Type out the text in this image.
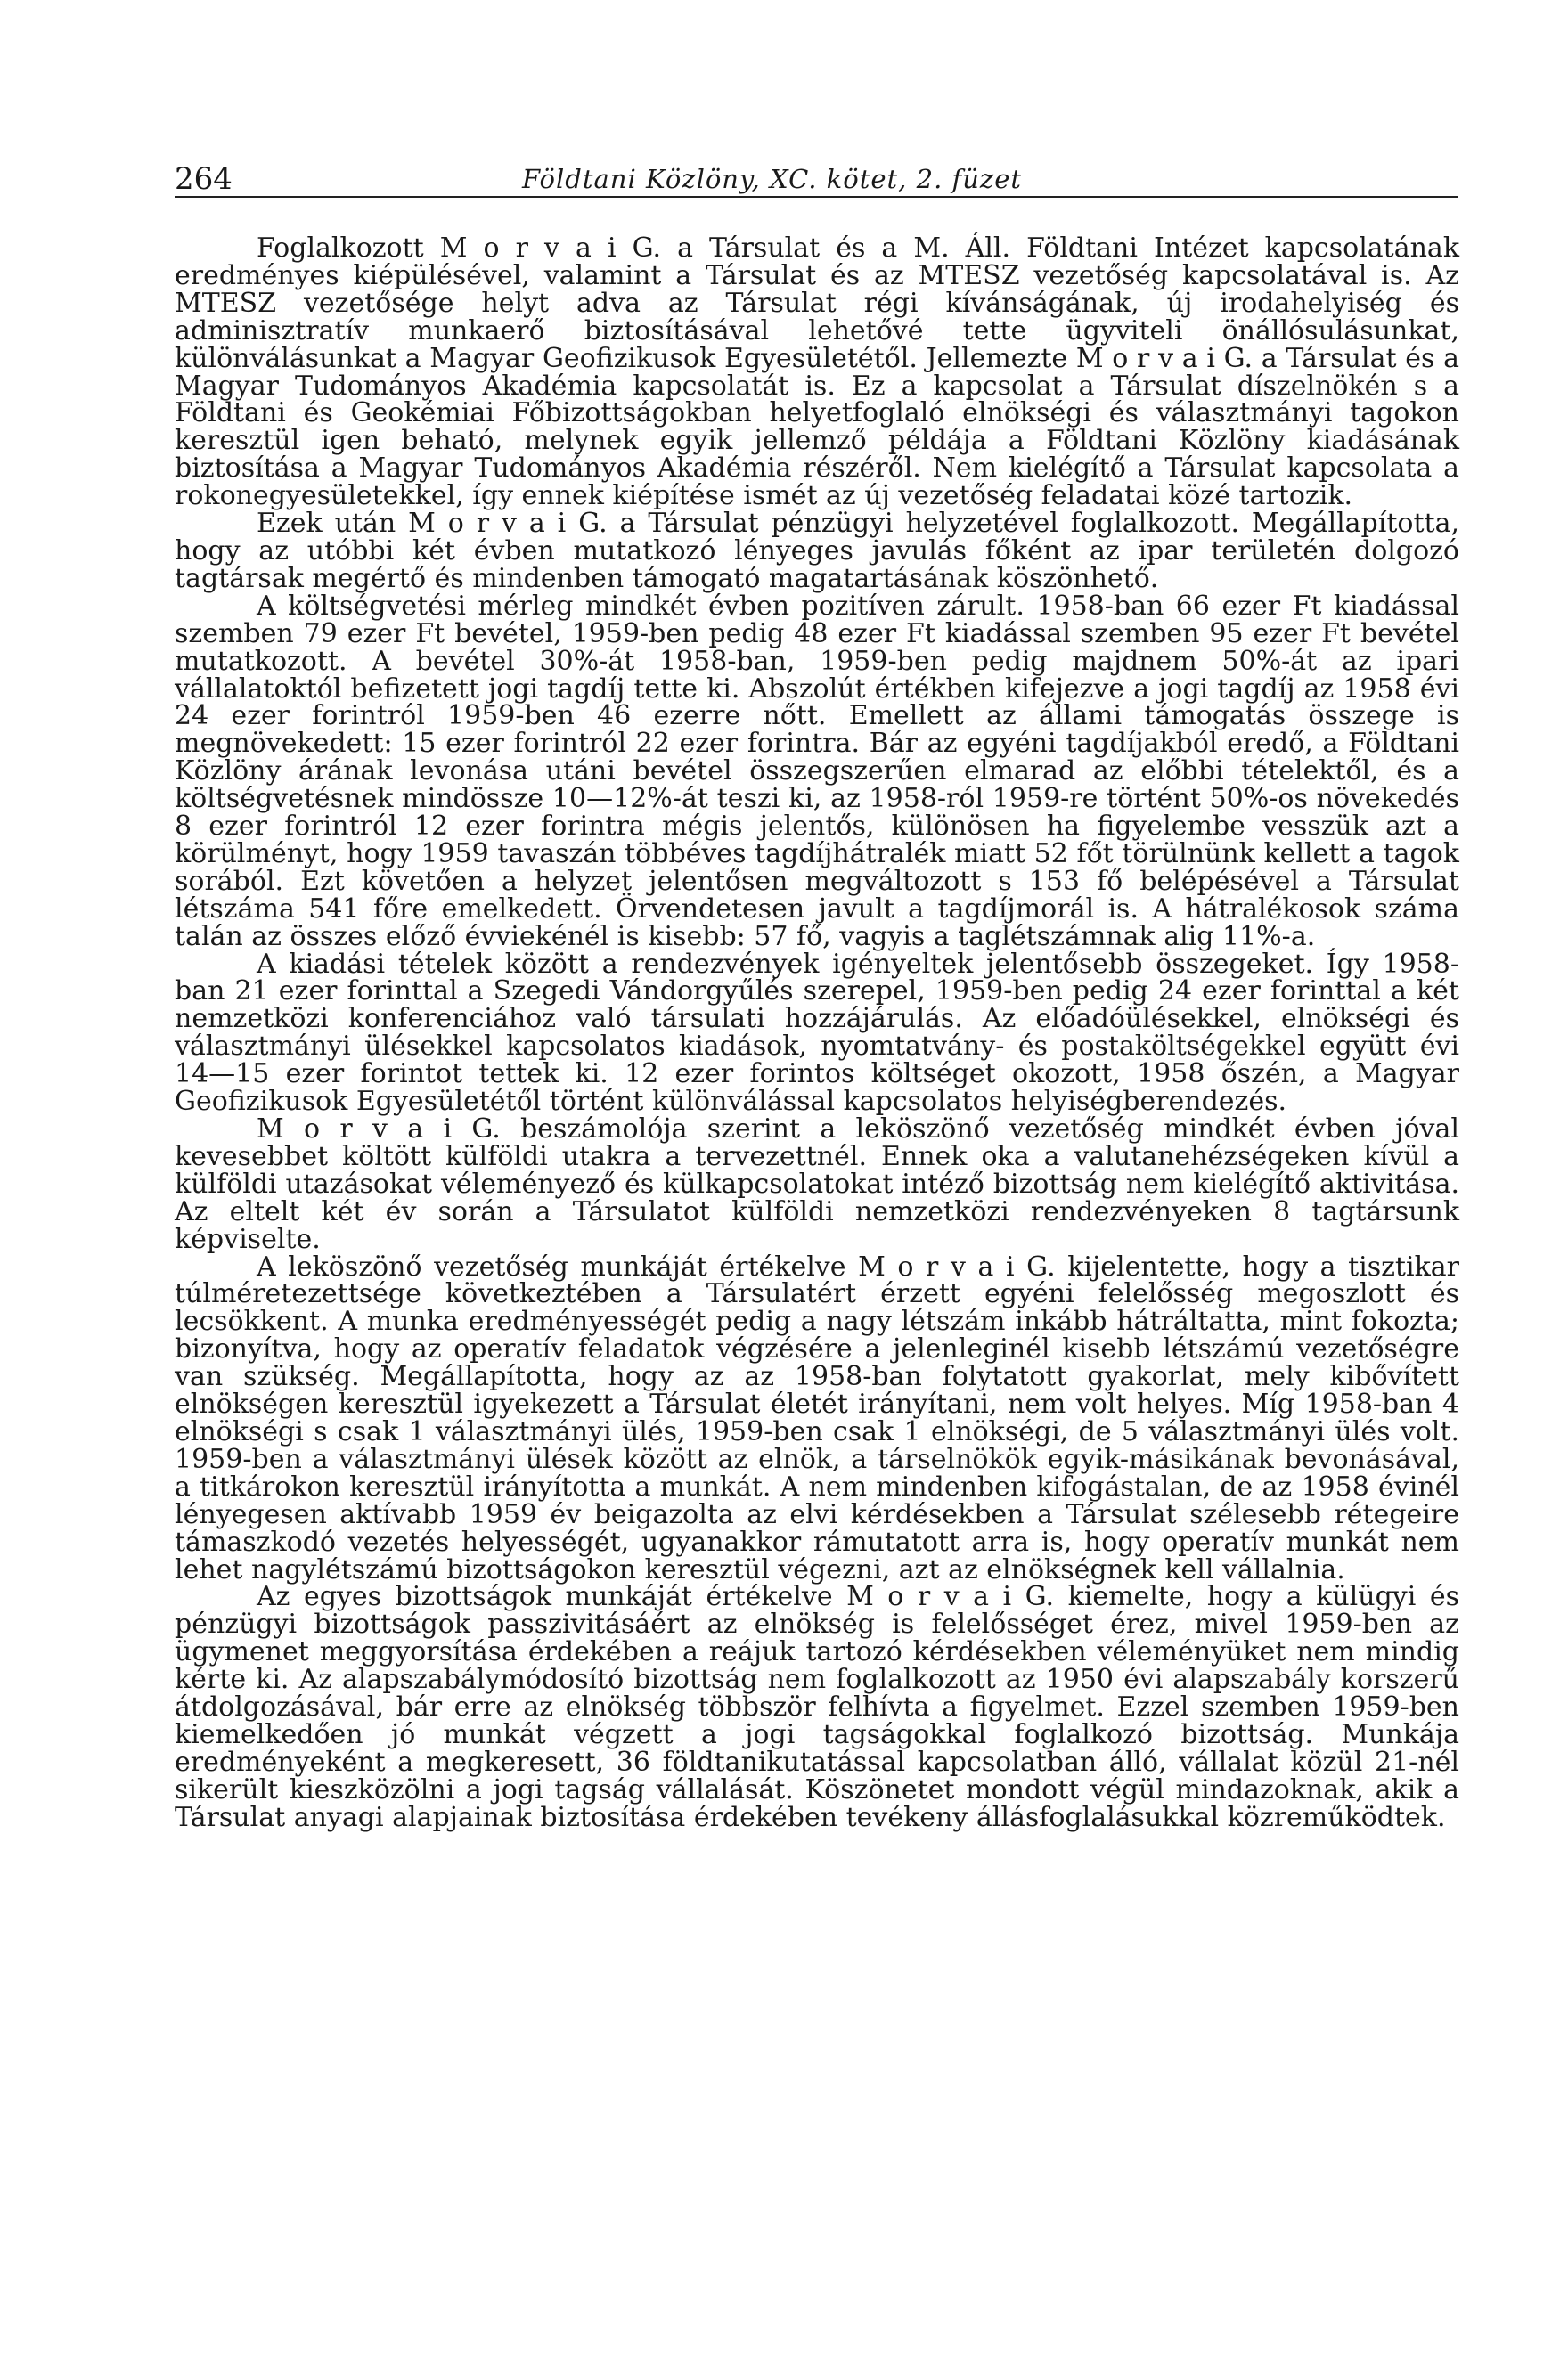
264	Földtani Közlöny, XC. kötet, 2. füzet

Foglalkozott M o r v a i G. a Társulat és a M. Áll. Földtani Intézet kapcsolatának eredményes kiépülésével, valamint a Társulat és az MTESZ vezetőség kapcsolatával is. Az MTESZ vezetősége helyt adva az Társulat régi kívánságának, új irodahelyiség és adminisztratív munkaerő biztosításával lehetővé tette ügyviteli önállósulásunkat, különválásunkat a Magyar Geofizikusok Egyesületétől. Jellemezte M o r v a i G. a Társulat és a Magyar Tudományos Akadémia kapcsolatát is. Ez a kapcsolat a Társulat díszelnökén s a Földtani és Geokémiai Főbizottságokban helyetfoglaló elnökségi és választmányi tagokon keresztül igen beható, melynek egyik jellemző példája a Földtani Közlöny kiadásának biztosítása a Magyar Tudományos Akadémia részéről. Nem kielégítő a Társulat kapcsolata a rokonegyesületekkel, így ennek kiépítése ismét az új vezetőség feladatai közé tartozik.

Ezek után M o r v a i G. a Társulat pénzügyi helyzetével foglalkozott. Megállapította, hogy az utóbbi két évben mutatkozó lényeges javulás főként az ipar területén dolgozó tagtársak megértő és mindenben támogató magatartásának köszönhető.

A költségvetési mérleg mindkét évben pozitíven zárult. 1958-ban 66 ezer Ft kiadással szemben 79 ezer Ft bevétel, 1959-ben pedig 48 ezer Ft kiadással szemben 95 ezer Ft bevétel mutatkozott. A bevétel 30%-át 1958-ban, 1959-ben pedig majdnem 50%-át az ipari vállalatoktól befizetett jogi tagdíj tette ki. Abszolút értékben kifejezve a jogi tagdíj az 1958 évi 24 ezer forintról 1959-ben 46 ezerre nőtt. Emellett az állami támogatás összege is megnövekedett: 15 ezer forintról 22 ezer forintra. Bár az egyéni tagdíjakból eredő, a Földtani Közlöny árának levonása utáni bevétel összegszerűen elmarad az előbbi tételektől, és a költségvetésnek mindössze 10—12%-át teszi ki, az 1958-ról 1959-re történt 50%-os növekedés 8 ezer forintról 12 ezer forintra mégis jelentős, különösen ha figyelembe vesszük azt a körülményt, hogy 1959 tavaszán többéves tagdíjhátralék miatt 52 főt törülnünk kellett a tagok sorából. Ezt követően a helyzet jelentősen megváltozott s 153 fő belépésével a Társulat létszáma 541 főre emelkedett. Örvendetesen javult a tagdíjmorál is. A hátralékosok száma talán az összes előző évviekénél is kisebb: 57 fő, vagyis a taglétszámnak alig 11%-a.

A kiadási tételek között a rendezvények igényeltek jelentősebb összegeket. Így 1958-ban 21 ezer forinttal a Szegedi Vándorgyűlés szerepel, 1959-ben pedig 24 ezer forinttal a két nemzetközi konferenciához való társulati hozzájárulás. Az előadóülésekkel, elnökségi és választmányi ülésekkel kapcsolatos kiadások, nyomtatvány- és postaköltségekkel együtt évi 14—15 ezer forintot tettek ki. 12 ezer forintos költséget okozott, 1958 őszén, a Magyar Geofizikusok Egyesületétől történt különválással kapcsolatos helyiségberendezés.

M o r v a i G. beszámolója szerint a leköszönő vezetőség mindkét évben jóval kevesebbet költött külföldi utakra a tervezettnél. Ennek oka a valutanehézségeken kívül a külföldi utazásokat véleményező és külkapcsolatokat intéző bizottság nem kielégítő aktivitása. Az eltelt két év során a Társulatot külföldi nemzetközi rendezvényeken 8 tagtársunk képviselte.

A leköszönő vezetőség munkáját értékelve M o r v a i G. kijelentette, hogy a tisztikar túlméretezettsége következtében a Társulatért érzett egyéni felelősség megoszlott és lecsökkent. A munka eredményességét pedig a nagy létszám inkább hátráltatta, mint fokozta; bizonyítva, hogy az operatív feladatok végzésére a jelenleginél kisebb létszámú vezetőségre van szükség. Megállapította, hogy az az 1958-ban folytatott gyakorlat, mely kibővített elnökségen keresztül igyekezett a Társulat életét irányítani, nem volt helyes. Míg 1958-ban 4 elnökségi s csak 1 választmányi ülés, 1959-ben csak 1 elnökségi, de 5 választmányi ülés volt. 1959-ben a választmányi ülések között az elnök, a társelnökök egyik-másikának bevonásával, a titkárokon keresztül irányította a munkát. A nem mindenben kifogástalan, de az 1958 évinél lényegesen aktívabb 1959 év beigazolta az elvi kérdésekben a Társulat szélesebb rétegeire támaszkodó vezetés helyességét, ugyanakkor rámutatott arra is, hogy operatív munkát nem lehet nagylétszámú bizottságokon keresztül végezni, azt az elnökségnek kell vállalnia.

Az egyes bizottságok munkáját értékelve M o r v a i G. kiemelte, hogy a külügyi és pénzügyi bizottságok passzivitásáért az elnökség is felelősséget érez, mivel 1959-ben az ügymenet meggyorsítása érdekében a reájuk tartozó kérdésekben véleményüket nem mindig kérte ki. Az alapszabálymódosító bizottság nem foglalkozott az 1950 évi alapszabály korszerű átdolgozásával, bár erre az elnökség többször felhívta a figyelmet. Ezzel szemben 1959-ben kiemelkedően jó munkát végzett a jogi tagságokkal foglalkozó bizottság. Munkája eredményeként a megkeresett, 36 földtanikutatással kapcsolatban álló, vállalat közül 21-nél sikerült kieszközölni a jogi tagság vállalását. Köszönetet mondott végül mindazoknak, akik a Társulat anyagi alapjainak biztosítása érdekében tevékeny állásfoglalásukkal közreműködtek.
